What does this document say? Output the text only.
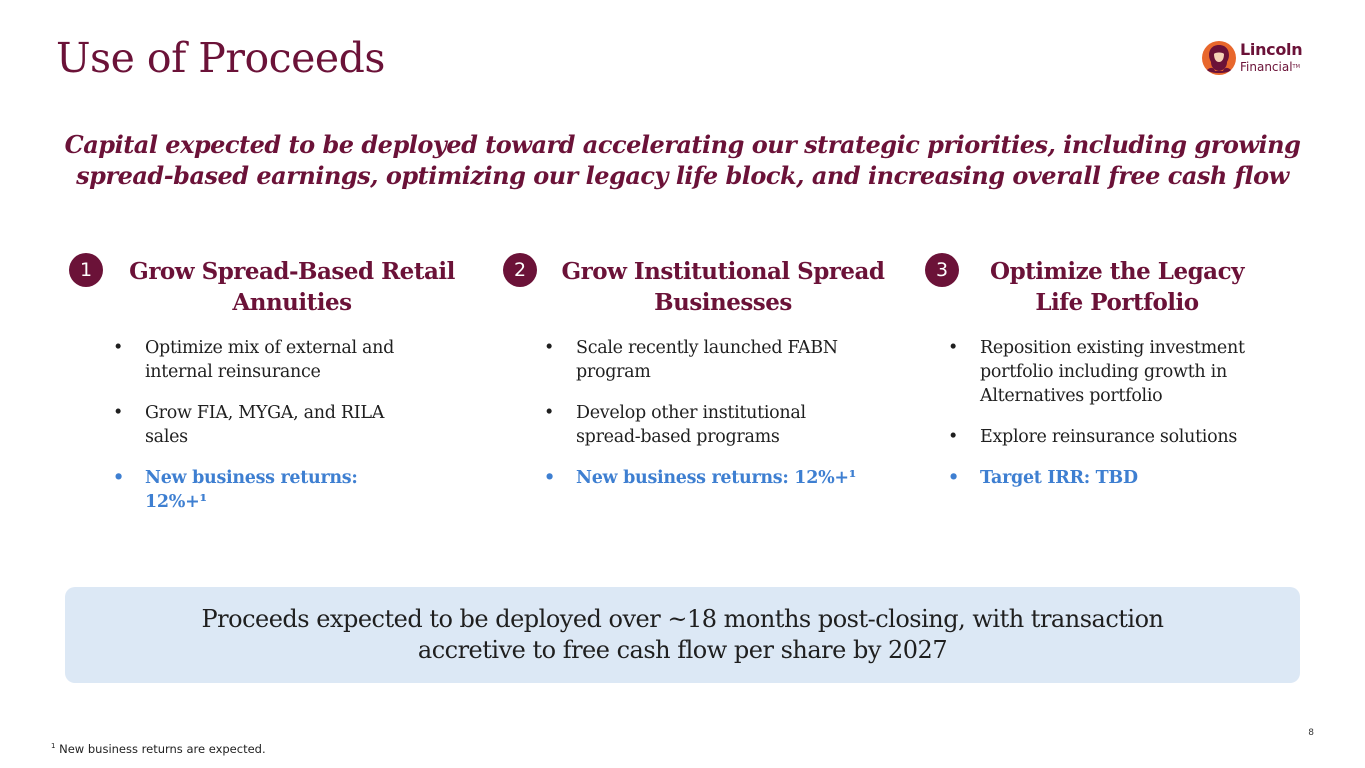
Use of Proceeds	Lincoln
Financial™
Capital expected to be deployed toward accelerating our strategic priorities, including growing
spread-based earnings, optimizing our legacy life block, and increasing overall free cash flow
1	Grow Spread-Based Retail
Annuities
• Optimize mix of external and internal reinsurance
• Grow FIA, MYGA, and RILA sales
• New business returns: 12%+¹
2	Grow Institutional Spread
Businesses
• Scale recently launched FABN program
• Develop other institutional spread-based programs
• New business returns: 12%+¹
3	Optimize the Legacy
Life Portfolio
• Reposition existing investment portfolio including growth in Alternatives portfolio
• Explore reinsurance solutions
• Target IRR: TBD
Proceeds expected to be deployed over ~18 months post-closing, with transaction
accretive to free cash flow per share by 2027
8
$^1$ New business returns are expected.
